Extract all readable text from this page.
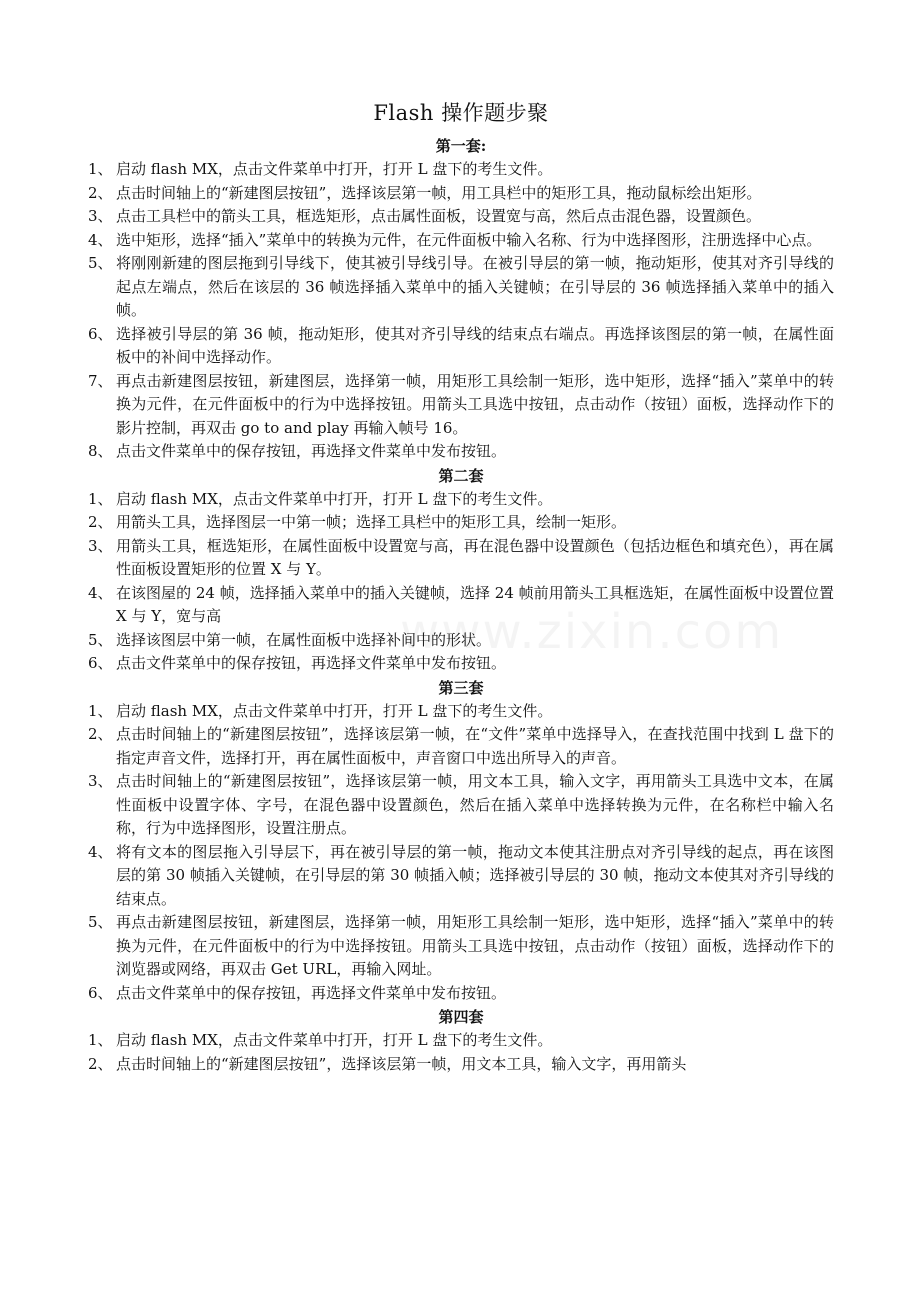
Flash 操作题步聚
第一套:
1、 启动 flash MX，点击文件菜单中打开，打开 L 盘下的考生文件。
2、 点击时间轴上的“新建图层按钮”，选择该层第一帧，用工具栏中的矩形工具，拖动鼠标绘出矩形。
3、 点击工具栏中的箭头工具，框选矩形，点击属性面板，设置宽与高，然后点击混色器，设置颜色。
4、 选中矩形，选择“插入”菜单中的转换为元件，在元件面板中输入名称、行为中选择图形，注册选择中心点。
5、 将刚刚新建的图层拖到引导线下，使其被引导线引导。在被引导层的第一帧，拖动矩形，使其对齐引导线的起点左端点，然后在该层的 36 帧选择插入菜单中的插入关键帧；在引导层的 36 帧选择插入菜单中的插入帧。
6、 选择被引导层的第 36 帧，拖动矩形，使其对齐引导线的结束点右端点。再选择该图层的第一帧，在属性面板中的补间中选择动作。
7、 再点击新建图层按钮，新建图层，选择第一帧，用矩形工具绘制一矩形，选中矩形，选择“插入”菜单中的转换为元件，在元件面板中的行为中选择按钮。用箭头工具选中按钮，点击动作（按钮）面板，选择动作下的影片控制，再双击 go to and play 再输入帧号 16。
8、 点击文件菜单中的保存按钮，再选择文件菜单中发布按钮。
第二套
1、 启动 flash MX，点击文件菜单中打开，打开 L 盘下的考生文件。
2、 用箭头工具，选择图层一中第一帧；选择工具栏中的矩形工具，绘制一矩形。
3、 用箭头工具，框选矩形，在属性面板中设置宽与高，再在混色器中设置颜色（包括边框色和填充色），再在属性面板设置矩形的位置 X 与 Y。
4、 在该图屋的 24 帧，选择插入菜单中的插入关键帧，选择 24 帧前用箭头工具框选矩，在属性面板中设置位置 X 与 Y，宽与高
5、 选择该图层中第一帧，在属性面板中选择补间中的形状。
6、 点击文件菜单中的保存按钮，再选择文件菜单中发布按钮。
第三套
1、 启动 flash MX，点击文件菜单中打开，打开 L 盘下的考生文件。
2、 点击时间轴上的“新建图层按钮”，选择该层第一帧，在“文件”菜单中选择导入，在查找范围中找到 L 盘下的指定声音文件，选择打开，再在属性面板中，声音窗口中选出所导入的声音。
3、 点击时间轴上的“新建图层按钮”，选择该层第一帧，用文本工具，输入文字，再用箭头工具选中文本，在属性面板中设置字体、字号，在混色器中设置颜色，然后在插入菜单中选择转换为元件，在名称栏中输入名称，行为中选择图形，设置注册点。
4、 将有文本的图层拖入引导层下，再在被引导层的第一帧，拖动文本使其注册点对齐引导线的起点，再在该图层的第 30 帧插入关键帧，在引导层的第 30 帧插入帧；选择被引导层的 30 帧，拖动文本使其对齐引导线的结束点。
5、 再点击新建图层按钮，新建图层，选择第一帧，用矩形工具绘制一矩形，选中矩形，选择“插入”菜单中的转换为元件，在元件面板中的行为中选择按钮。用箭头工具选中按钮，点击动作（按钮）面板，选择动作下的浏览器或网络，再双击 Get URL，再输入网址。
6、 点击文件菜单中的保存按钮，再选择文件菜单中发布按钮。
第四套
1、 启动 flash MX，点击文件菜单中打开，打开 L 盘下的考生文件。
2、 点击时间轴上的“新建图层按钮”，选择该层第一帧，用文本工具，输入文字，再用箭头
